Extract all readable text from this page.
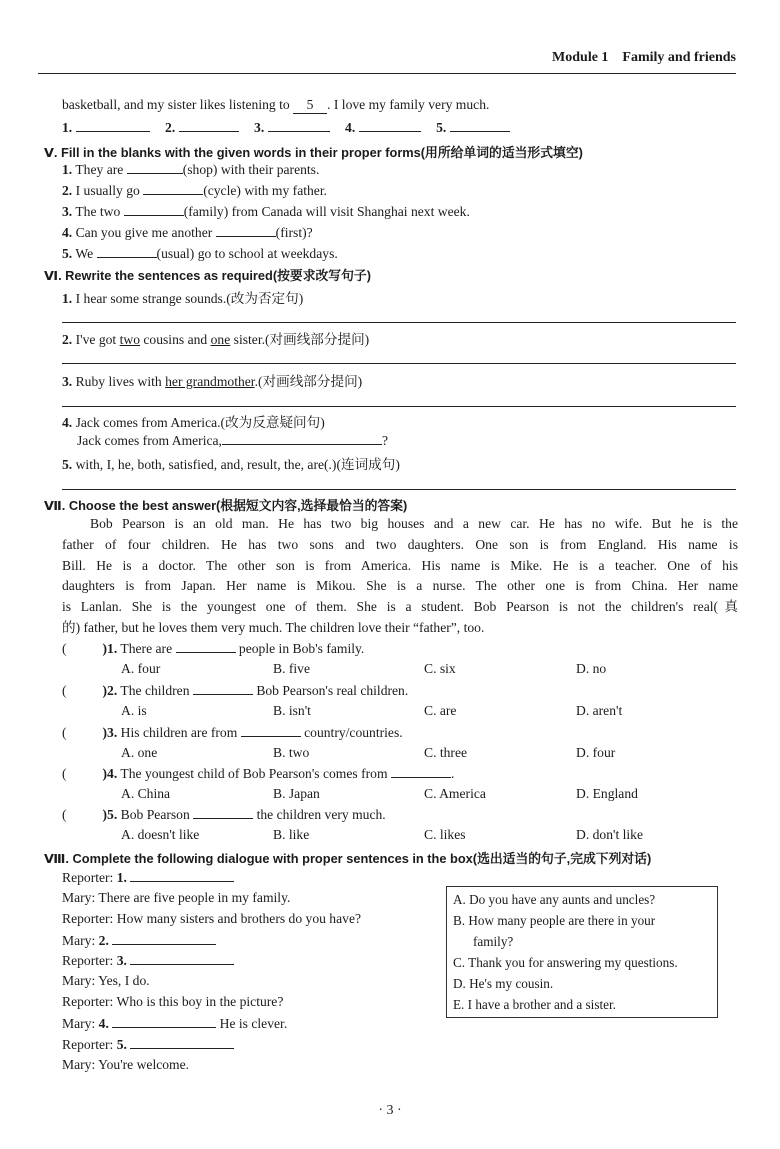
Module 1 Family and friends
basketball, and my sister likes listening to 5 . I love my family very much.
1.	2.	3.	4.	5.
Ⅴ. Fill in the blanks with the given words in their proper forms(用所给单词的适当形式填空)
1. They are	(shop) with their parents.
2. I usually go	(cycle) with my father.
3. The two	(family) from Canada will visit Shanghai next week.
4. Can you give me another	(first)?
5. We	(usual) go to school at weekdays.
Ⅵ. Rewrite the sentences as required(按要求改写句子)
1. I hear some strange sounds.(改为否定句)
2. I've got two cousins and one sister.(对画线部分提问)
3. Ruby lives with her grandmother.(对画线部分提问)
4. Jack comes from America.(改为反意疑问句)
Jack comes from America,	?
5. with, I, he, both, satisfied, and, result, the, are(.)(连词成句)
Ⅶ. Choose the best answer(根据短文内容,选择最恰当的答案)
Bob Pearson is an old man. He has two big houses and a new car. He has no wife. But he is the
father of four children. He has two sons and two daughters. One son is from England. His name is
Bill. He is a doctor. The other son is from America. His name is Mike. He is a teacher. One of his
daughters is from Japan. Her name is Mikou. She is a nurse. The other one is from China. Her name
is Lanlan. She is the youngest one of them. She is a student. Bob Pearson is not the children's real(真
的) father, but he loves them very much. The children love their “father”, too.
(	)1. There are	people in Bob's family.
A. four	B. five	C. six	D. no
(	)2. The children	Bob Pearson's real children.
A. is	B. isn't	C. are	D. aren't
(	)3. His children are from	country/countries.
A. one	B. two	C. three	D. four
(	)4. The youngest child of Bob Pearson's comes from	.
A. China	B. Japan	C. America	D. England
(	)5. Bob Pearson	the children very much.
A. doesn't like	B. like	C. likes	D. don't like
Ⅷ. Complete the following dialogue with proper sentences in the box(选出适当的句子,完成下列对话)
Reporter: 1.
Mary: There are five people in my family.
Reporter: How many sisters and brothers do you have?
Mary: 2.
Reporter: 3.
Mary: Yes, I do.
Reporter: Who is this boy in the picture?
Mary: 4.	He is clever.
Reporter: 5.
Mary: You're welcome.
A. Do you have any aunts and uncles?
B. How many people are there in your
family?
C. Thank you for answering my questions.
D. He's my cousin.
E. I have a brother and a sister.
· 3 ·
